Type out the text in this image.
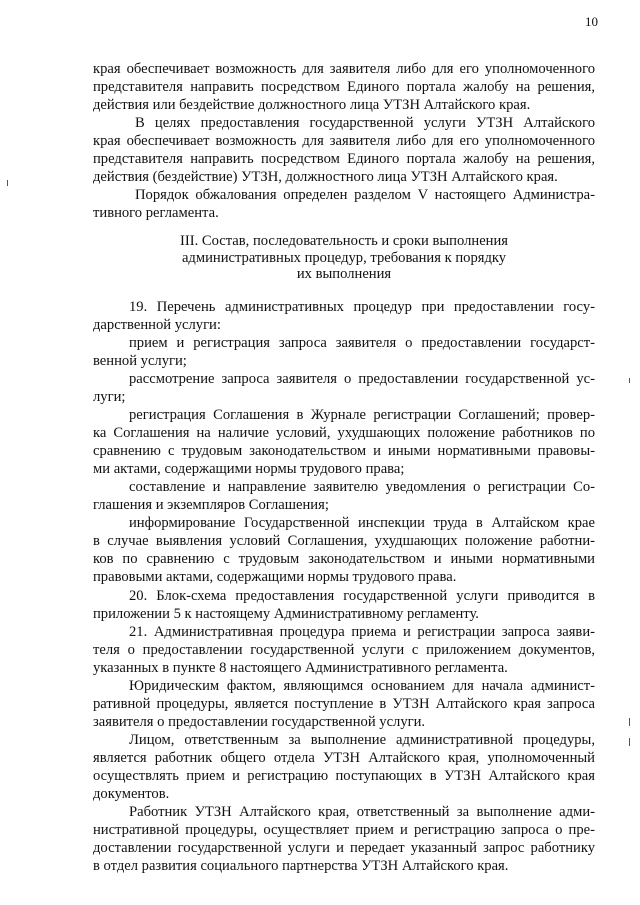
10
края обеспечивает возможность для заявителя либо для его уполномоченного
представителя направить посредством Единого портала жалобу на решения,
действия или бездействие должностного лица УТЗН Алтайского края.
В целях предоставления государственной услуги УТЗН Алтайского
края обеспечивает возможность для заявителя либо для его уполномоченного
представителя направить посредством Единого портала жалобу на решения,
действия (бездействие) УТЗН, должностного лица УТЗН Алтайского края.
Порядок обжалования определен разделом V настоящего Администра-
тивного регламента.
III. Состав, последовательность и сроки выполнения
административных процедур, требования к порядку
их выполнения
19. Перечень административных процедур при предоставлении госу-
дарственной услуги:
прием и регистрация запроса заявителя о предоставлении государст-
венной услуги;
рассмотрение запроса заявителя о предоставлении государственной ус-
луги;
регистрация Соглашения в Журнале регистрации Соглашений; провер-
ка Соглашения на наличие условий, ухудшающих положение работников по
сравнению с трудовым законодательством и иными нормативными правовы-
ми актами, содержащими нормы трудового права;
составление и направление заявителю уведомления о регистрации Со-
глашения и экземпляров Соглашения;
информирование Государственной инспекции труда в Алтайском крае
в случае выявления условий Соглашения, ухудшающих положение работни-
ков по сравнению с трудовым законодательством и иными нормативными
правовыми актами, содержащими нормы трудового права.
20. Блок-схема предоставления государственной услуги приводится в
приложении 5 к настоящему Административному регламенту.
21. Административная процедура приема и регистрации запроса заяви-
теля о предоставлении государственной услуги с приложением документов,
указанных в пункте 8 настоящего Административного регламента.
Юридическим фактом, являющимся основанием для начала админист-
ративной процедуры, является поступление в УТЗН Алтайского края запроса
заявителя о предоставлении государственной услуги.
Лицом, ответственным за выполнение административной процедуры,
является работник общего отдела УТЗН Алтайского края, уполномоченный
осуществлять прием и регистрацию поступающих в УТЗН Алтайского края
документов.
Работник УТЗН Алтайского края, ответственный за выполнение адми-
нистративной процедуры, осуществляет прием и регистрацию запроса о пре-
доставлении государственной услуги и передает указанный запрос работнику
в отдел развития социального партнерства УТЗН Алтайского края.
